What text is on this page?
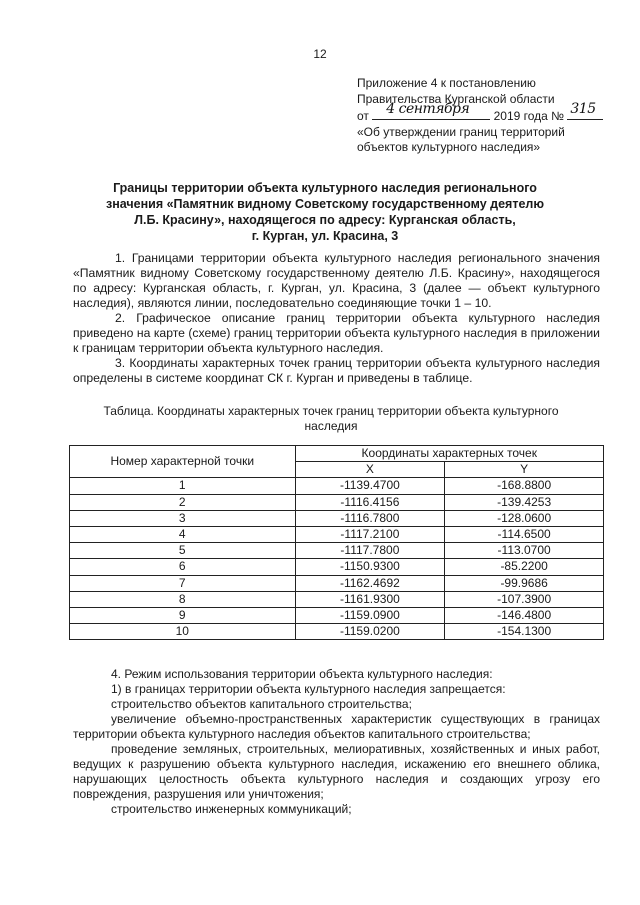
12
Приложение 4 к постановлению
Правительства Курганской области
от 4 сентября 2019 года № 315
«Об утверждении границ территорий
объектов культурного наследия»
Границы территории объекта культурного наследия регионального
значения «Памятник видному Советскому государственному деятелю
Л.Б. Красину», находящегося по адресу: Курганская область,
г. Курган, ул. Красина, 3

1. Границами территории объекта культурного наследия регионального значения «Памятник видному Советскому государственному деятелю Л.Б. Красину», находящегося по адресу: Курганская область, г. Курган, ул. Красина, 3 (далее — объект культурного наследия), являются линии, последовательно соединяющие точки 1 – 10.

2. Графическое описание границ территории объекта культурного наследия приведено на карте (схеме) границ территории объекта культурного наследия в приложении к границам территории объекта культурного наследия.

3. Координаты характерных точек границ территории объекта культурного наследия определены в системе координат СК г. Курган и приведены в таблице.

Таблица. Координаты характерных точек границ территории объекта культурного наследия
Номер характерной точки	Координаты характерных точек	
	X	Y
1	-1139.4700	-168.8800
2	-1116.4156	-139.4253
3	-1116.7800	-128.0600
4	-1117.2100	-114.6500
5	-1117.7800	-113.0700
6	-1150.9300	-85.2200
7	-1162.4692	-99.9686
8	-1161.9300	-107.3900
9	-1159.0900	-146.4800
10	-1159.0200	-154.1300

4. Режим использования территории объекта культурного наследия:

1) в границах территории объекта культурного наследия запрещается:

строительство объектов капитального строительства;

увеличение объемно-пространственных характеристик существующих в границах территории объекта культурного наследия объектов капитального строительства;

проведение земляных, строительных, мелиоративных, хозяйственных и иных работ, ведущих к разрушению объекта культурного наследия, искажению его внешнего облика, нарушающих целостность объекта культурного наследия и создающих угрозу его повреждения, разрушения или уничтожения;

строительство инженерных коммуникаций;
